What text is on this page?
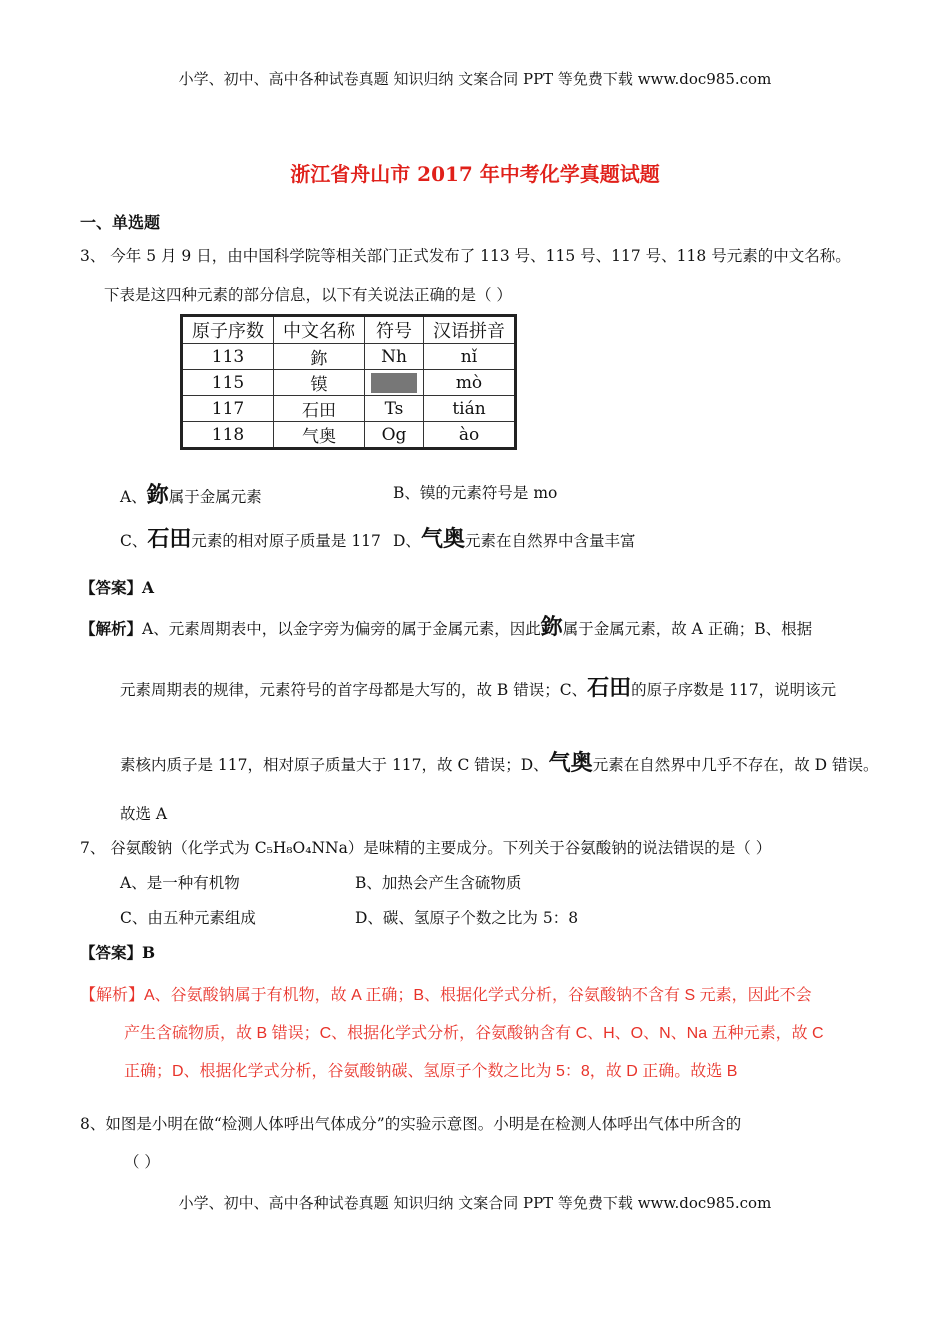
小学、初中、高中各种试卷真题 知识归纳 文案合同 PPT 等免费下载 www.doc985.com
浙江省舟山市 2017 年中考化学真题试题
一、单选题
3、 今年 5 月 9 日，由中国科学院等相关部门正式发布了 113 号、115 号、117 号、118 号元素的中文名称。
下表是这四种元素的部分信息，以下有关说法正确的是（ ）
原子序数	中文名称	符号	汉语拼音
113	鉨	Nh	nǐ
115	镆		mò
117	石田	Ts	tián
118	气奥	Og	ào
A、鉨属于金属元素	B、镆的元素符号是 mo
C、石田元素的相对原子质量是 117 D、气奥元素在自然界中含量丰富
【答案】A
【解析】A、元素周期表中，以金字旁为偏旁的属于金属元素，因此鉨属于金属元素，故 A 正确；B、根据
元素周期表的规律，元素符号的首字母都是大写的，故 B 错误；C、石田的原子序数是 117，说明该元
素核内质子是 117，相对原子质量大于 117，故 C 错误；D、气奥元素在自然界中几乎不存在，故 D 错误。
故选 A
7、 谷氨酸钠（化学式为 C₅H₈O₄NNa）是味精的主要成分。下列关于谷氨酸钠的说法错误的是（ ）
A、是一种有机物	B、加热会产生含硫物质
C、由五种元素组成	D、碳、氢原子个数之比为 5：8
【答案】B
【解析】A、谷氨酸钠属于有机物，故 A 正确；B、根据化学式分析，谷氨酸钠不含有 S 元素，因此不会
产生含硫物质，故 B 错误；C、根据化学式分析，谷氨酸钠含有 C、H、O、N、Na 五种元素，故 C
正确；D、根据化学式分析，谷氨酸钠碳、氢原子个数之比为 5：8，故 D 正确。故选 B
8、如图是小明在做“检测人体呼出气体成分”的实验示意图。小明是在检测人体呼出气体中所含的
（ ）
小学、初中、高中各种试卷真题 知识归纳 文案合同 PPT 等免费下载 www.doc985.com
